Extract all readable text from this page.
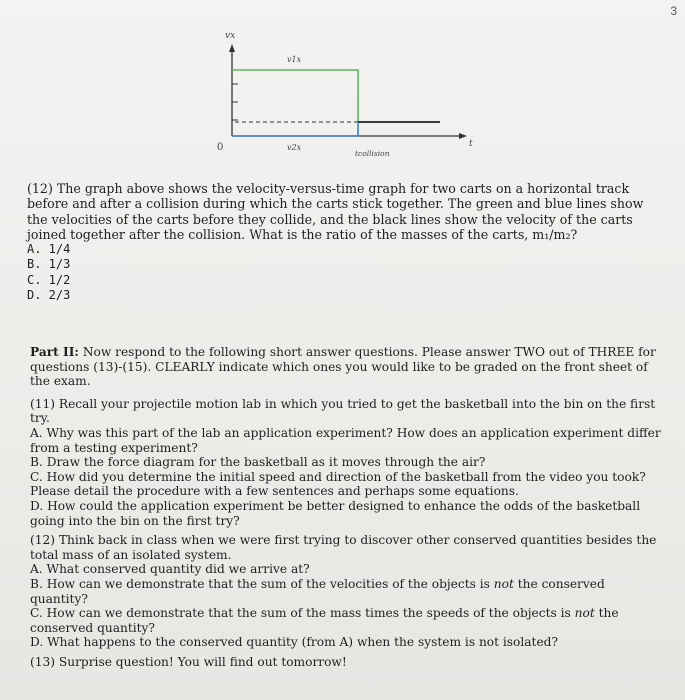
3
vx
t
0
v1x
v2x
tcollision

(12) The graph above shows the velocity-versus-time graph for two carts on a horizontal track before and after a collision during which the carts stick together. The green and blue lines show the velocities of the carts before they collide, and the black lines show the velocity of the carts joined together after the collision. What is the ratio of the masses of the carts, m₁/m₂?

A. 1/4
B. 1/3
C. 1/2
D. 2/3

Part II: Now respond to the following short answer questions. Please answer TWO out of THREE for questions (13)-(15). CLEARLY indicate which ones you would like to be graded on the front sheet of the exam.

(11) Recall your projectile motion lab in which you tried to get the basketball into the bin on the first try.

A. Why was this part of the lab an application experiment? How does an application experiment differ from a testing experiment?

B. Draw the force diagram for the basketball as it moves through the air?

C. How did you determine the initial speed and direction of the basketball from the video you took? Please detail the procedure with a few sentences and perhaps some equations.

D. How could the application experiment be better designed to enhance the odds of the basketball going into the bin on the first try?

(12) Think back in class when we were first trying to discover other conserved quantities besides the total mass of an isolated system.

A. What conserved quantity did we arrive at?

B. How can we demonstrate that the sum of the velocities of the objects is not the conserved quantity?

C. How can we demonstrate that the sum of the mass times the speeds of the objects is not the conserved quantity?

D. What happens to the conserved quantity (from A) when the system is not isolated?

(13) Surprise question! You will find out tomorrow!
